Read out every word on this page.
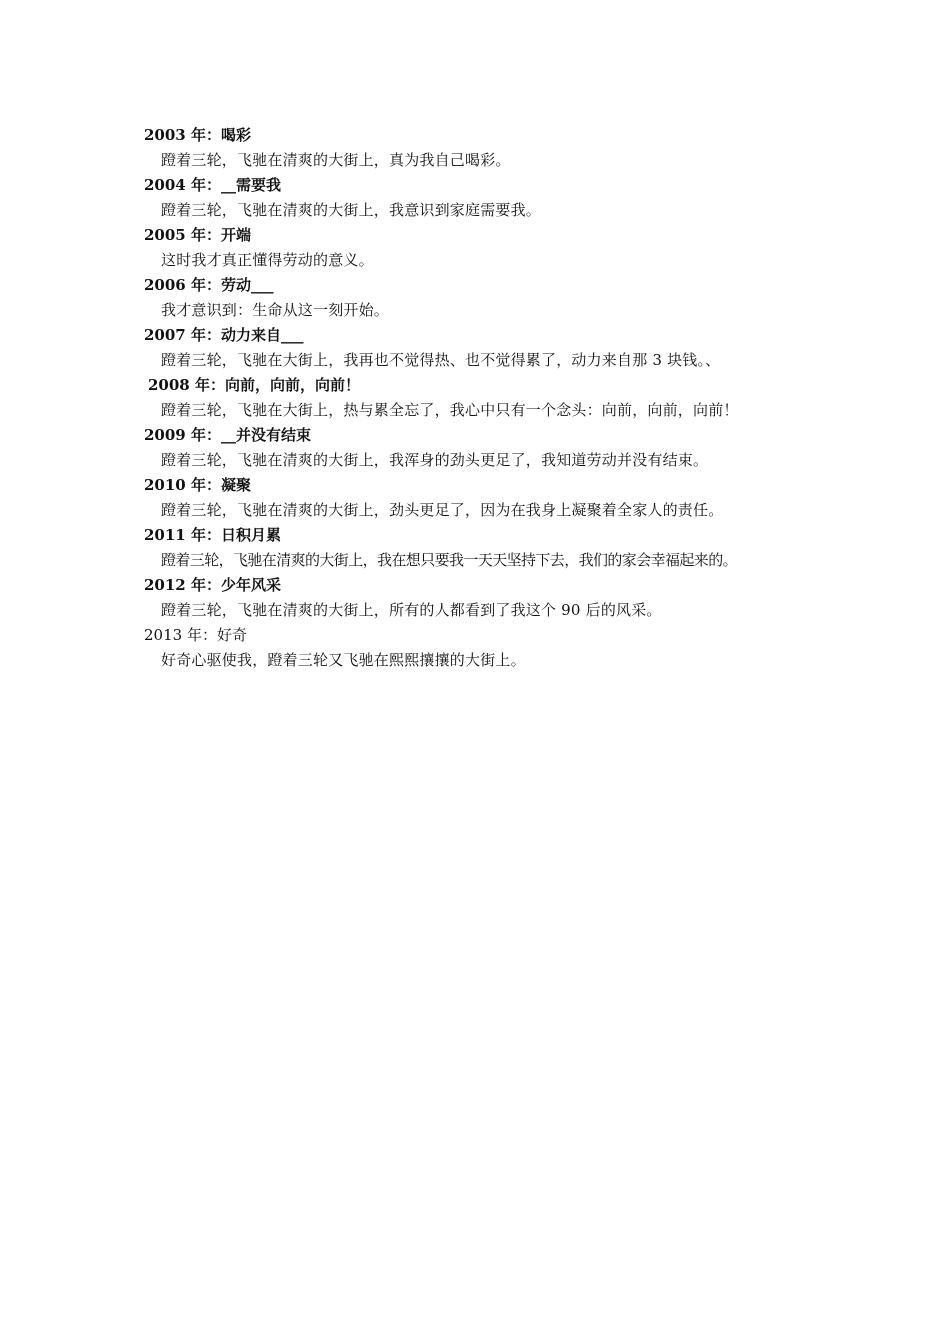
2003 年：喝彩
蹬着三轮，飞驰在清爽的大街上，真为我自己喝彩。
2004 年：__需要我
蹬着三轮，飞驰在清爽的大街上，我意识到家庭需要我。
2005 年：开端
这时我才真正懂得劳动的意义。
2006 年：劳动___
我才意识到：生命从这一刻开始。
2007 年：动力来自___
蹬着三轮，飞驰在大街上，我再也不觉得热、也不觉得累了，动力来自那 3 块钱。、
2008 年：向前，向前，向前！
蹬着三轮，飞驰在大街上，热与累全忘了，我心中只有一个念头：向前，向前，向前！
2009 年：__并没有结束
蹬着三轮，飞驰在清爽的大街上，我浑身的劲头更足了，我知道劳动并没有结束。
2010 年：凝聚
蹬着三轮，飞驰在清爽的大街上，劲头更足了，因为在我身上凝聚着全家人的责任。
2011 年：日积月累
蹬着三轮，飞驰在清爽的大街上，我在想只要我一天天坚持下去，我们的家会幸福起来的。
2012 年：少年风采
蹬着三轮，飞驰在清爽的大街上，所有的人都看到了我这个 90 后的风采。
2013 年：好奇
好奇心驱使我，蹬着三轮又飞驰在熙熙攘攘的大街上。
